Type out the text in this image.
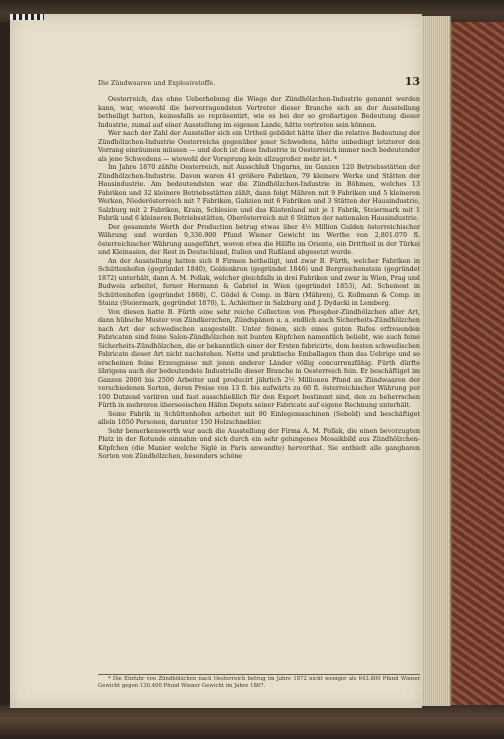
Die Zündwaaren und Explosivstoffe.	13

Oesterreich, das ohne Ueberhebung die Wiege der Zündhölzchen-Industrie genannt werden kann, war, wiewohl die hervorragendsten Vertreter dieser Branche sich an der Ausstellung betheiligt hatten, keinesfalls so repräsentirt, wie es bei der so großartigen Bedeutung dieser Industrie, zumal auf einer Ausstellung im eigenen Lande, hätte vertreten sein können.

Wer nach der Zahl der Aussteller sich ein Urtheil gebildet hätte über die relative Bedeutung der Zündhölzchen-Industrie Oesterreichs gegenüber jener Schwedens, hätte unbedingt letzterer den Vorrang einräumen müssen — und doch ist diese Industrie in Oesterreich immer noch bedeutender als jene Schwedens — wiewohl der Vorsprung kein allzugroßer mehr ist. *

Im Jahre 1870 zählte Oesterreich, mit Ausschluß Ungarns, im Ganzen 120 Betriebsstätten der Zündhölzchen-Industrie. Davon waren 41 größere Fabriken, 79 kleinere Werke und Stätten der Hausindustrie. Am bedeutendsten war die Zündhölzchen-Industrie in Böhmen, welches 13 Fabriken und 32 kleinere Betriebsstätten zählt, dann folgt Mähren mit 9 Fabriken und 5 kleineren Werken, Niederösterreich mit 7 Fabriken, Galizien mit 6 Fabriken und 3 Stätten der Hausindustrie, Salzburg mit 2 Fabriken, Krain, Schlesien und das Küstenland mit je 1 Fabrik, Steiermark mit 1 Fabrik und 6 kleineren Betriebsstätten, Oberösterreich mit 6 Stätten der nationalen Hausindustrie.

Der gesammte Werth der Production betrug etwas über 4½ Million Gulden österreichischer Währung und wurden 9,336.900 Pfund Wiener Gewicht im Werthe von 2,801.070 fl. österreichischer Währung ausgeführt, wovon etwa die Hälfte im Oriente, ein Drittheil in der Türkei und Kleinasien, der Rest in Deutschland, Italien und Rußland abgesetzt wurde.

An der Ausstellung hatten sich 8 Firmen betheiligt, und zwar B. Fürth, welcher Fabriken in Schüttenhofen (gegründet 1840), Goldenkron (gegründet 1846) und Bergreichenstein (gegründet 1872) unterhält, dann A. M. Pollak, welcher gleichfalls in drei Fabriken und zwar in Wien, Prag und Budweis arbeitet, ferner Hermann & Gabriel in Wien (gegründet 1853), Ad. Scheinost in Schüttenhofen (gegründet 1868), C. Gödel & Comp. in Bärn (Mähren), G. Kollmann & Comp. in Stainz (Steiermark, gegründet 1870), L. Achleitner in Salzburg und J. Dydacki in Lemberg.

Von diesen hatte B. Fürth eine sehr reiche Collection von Phosphor-Zündhölzchen aller Art, dann hübsche Muster von Zündkerzchen, Zündspänen u. a. endlich auch Sicherheits-Zündhölzchen nach Art der schwedischen ausgestellt. Unter feinen, sich eines guten Rufes erfreuenden Fabricaten sind feine Salon-Zündhölzchen mit bunten Köpfchen namentlich beliebt, wie auch feine Sicherheits-Zündhölzchen, die er bekanntlich einer der Ersten fabricirte, dem besten schwedischen Fabricate dieser Art nicht nachstehen. Nette und praktische Emballagen thun das Uebrige und so erscheinen feine Erzeugnisse mit jenen anderer Länder völlig concurrenzfähig. Fürth dürfte übrigens auch der bedeutendste Industrielle dieser Branche in Oesterreich fein. Er beschäftiget im Ganzen 2000 bis 2500 Arbeiter und producirt jährlich 2½ Millionen Pfund an Zündwaaren der verschiedenen Sorten, deren Preise von 13 fl. bis aufwärts zu 60 fl. österreichischer Währung per 100 Dutzend variiren und fast ausschließlich für den Export bestimmt sind, den zu beherrschen Fürth in mehreren überseeischen Häfen Depots seiner Fabricate auf eigene Rechnung unterhält.

Seine Fabrik in Schüttenhofen arbeitet mit 80 Einlegemaschinen (Sebold) und beschäftiget allein 1050 Personen, darunter 150 Holzschnebler.

Sehr bemerkenswerth war auch die Ausstellung der Firma A. M. Pollak, die einen bevorzugten Platz in der Rotunde einnahm und sich durch ein sehr gelungenes Mosaikbild aus Zündhölzchen-Köpfchen (die Manier welche Siglé in Paris anwandte) hervorthat. Sie enthielt alle gangbaren Sorten von Zündhölzchen, besonders schöne

* Die Einfuhr von Zündhölzchen nach Oesterreich betrug im Jahre 1872 nicht weniger als 643.800 Pfund Wiener Gewicht gegen 130.400 Pfund Wiener Gewicht im Jahre 1867.
